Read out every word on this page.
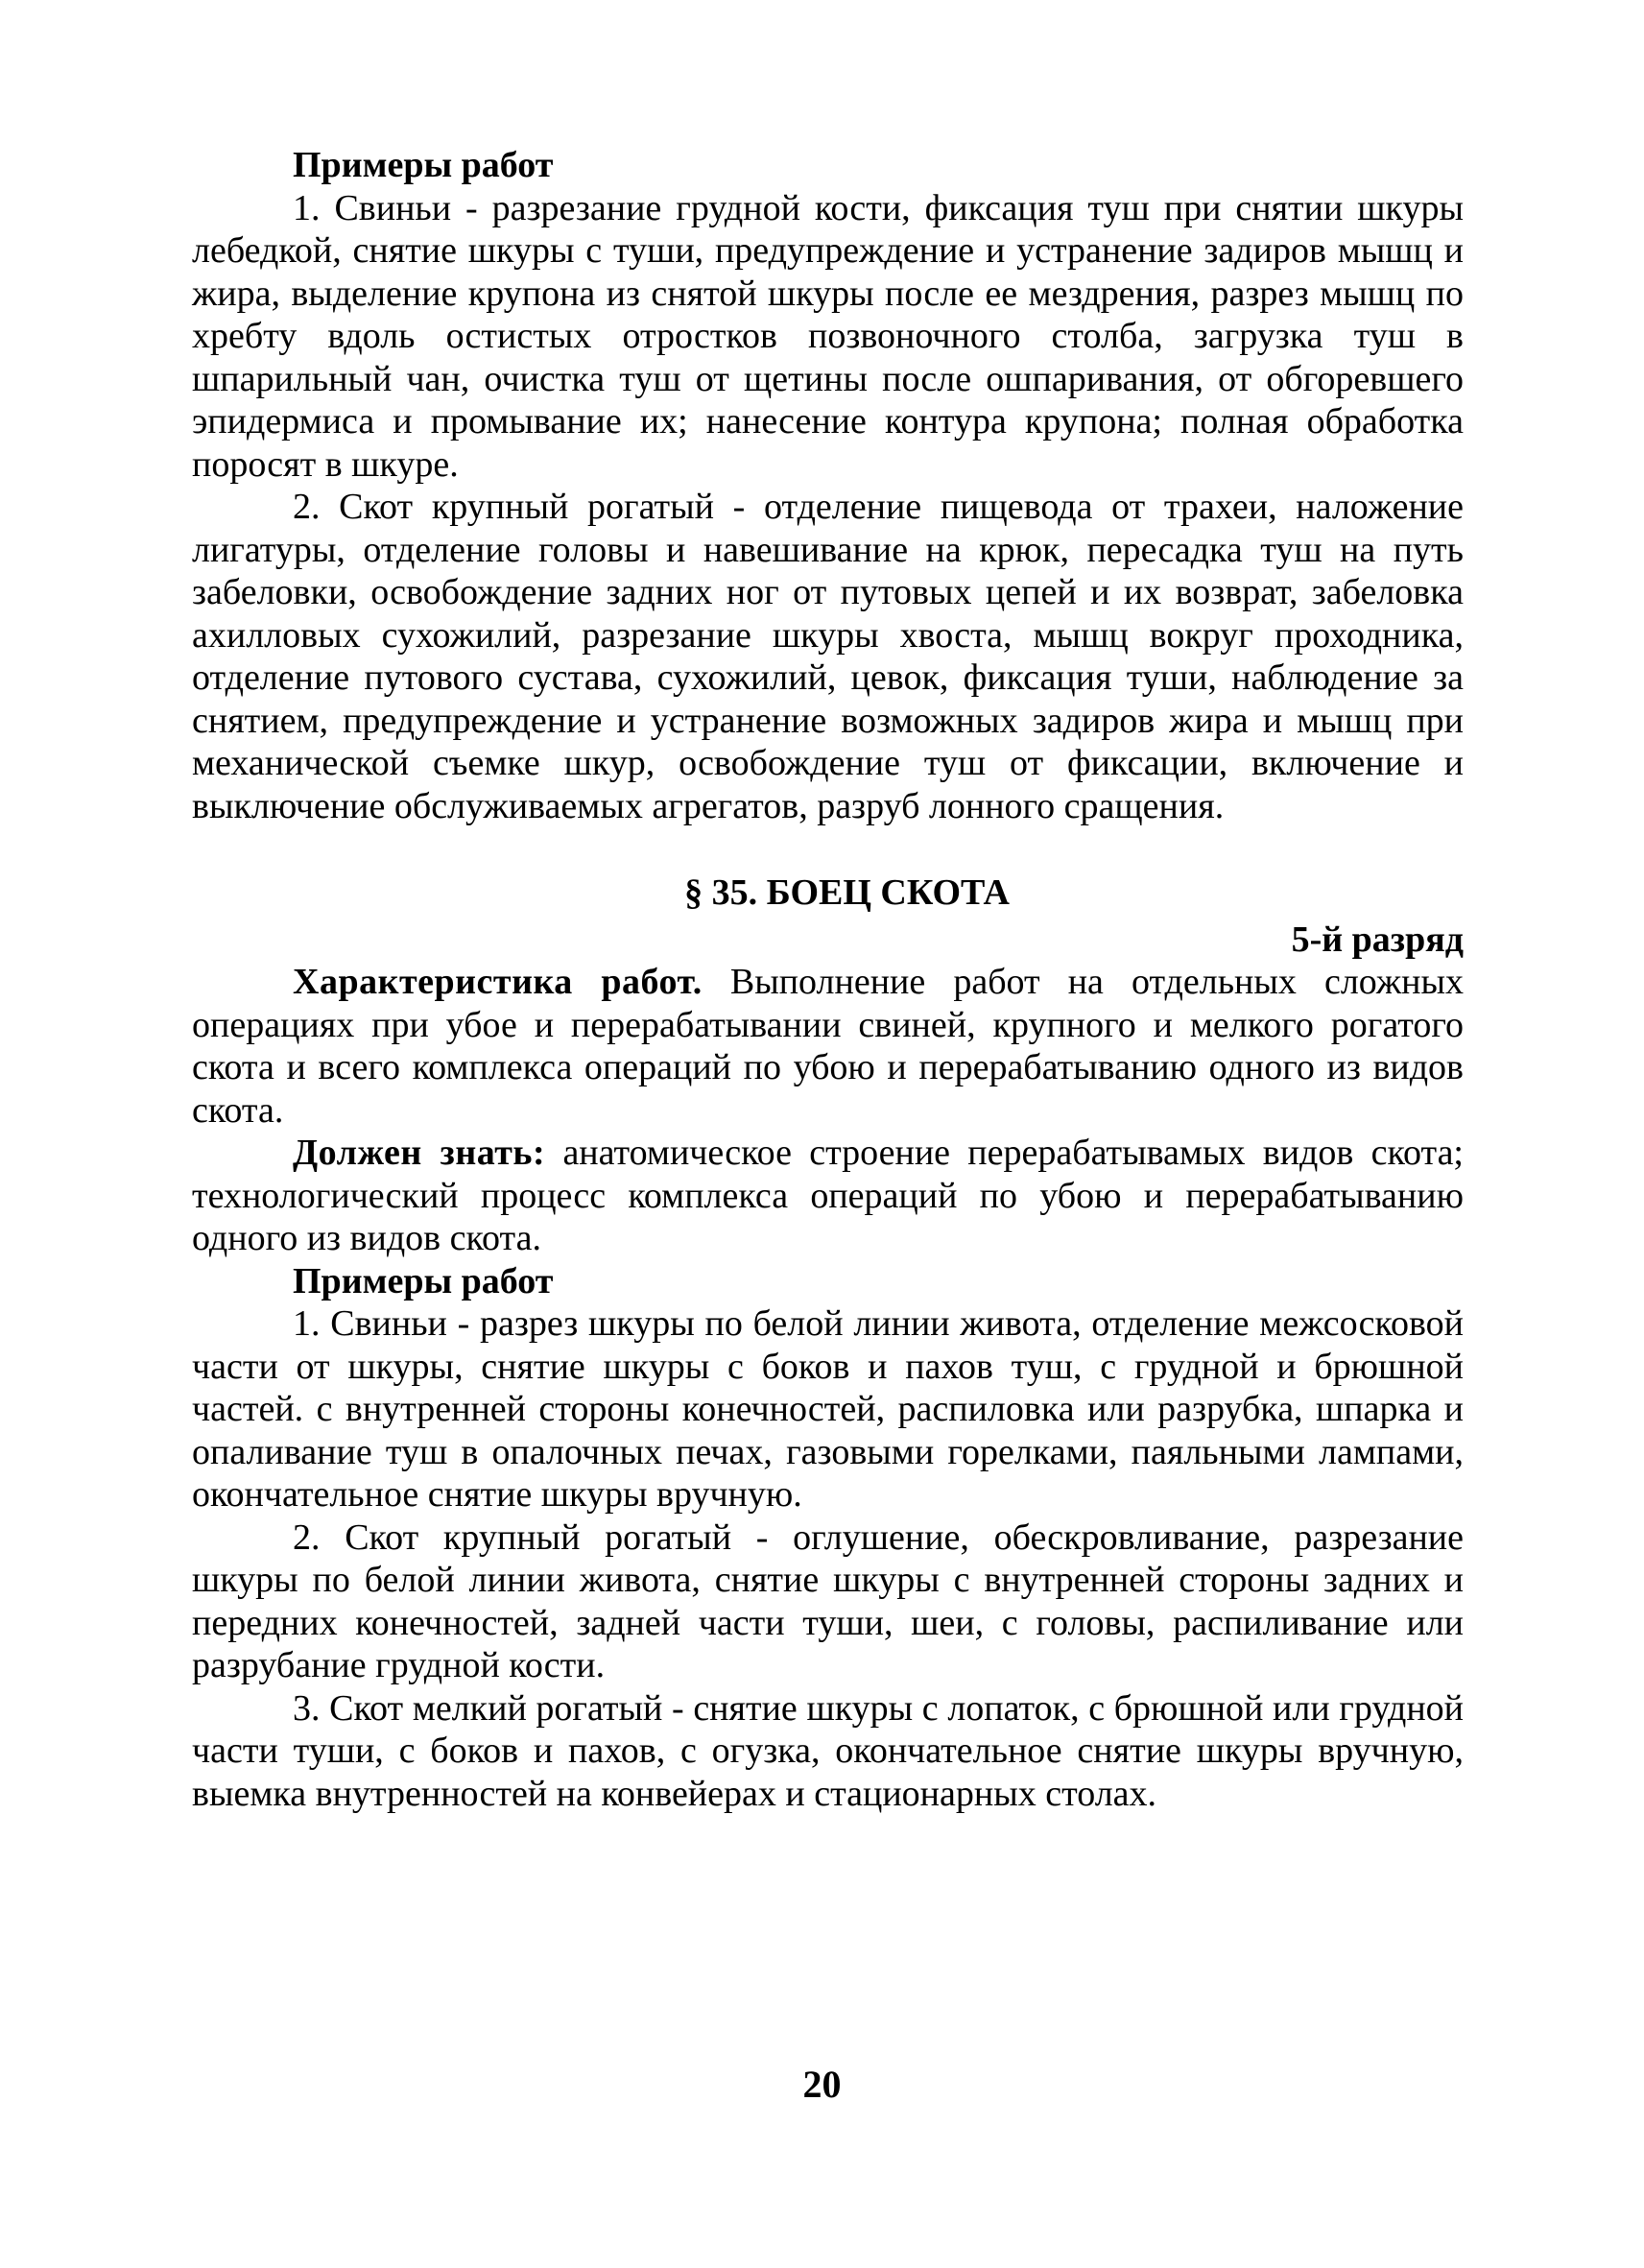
Примеры работ

1. Свиньи - разрезание грудной кости, фиксация туш при снятии шкуры лебедкой, снятие шкуры с туши, предупреждение и устранение задиров мышц и жира, выделение крупона из снятой шкуры после ее мездрения, разрез мышц по хребту вдоль остистых отростков позвоночного столба, загрузка туш в шпарильный чан, очистка туш от щетины после ошпаривания, от обгоревшего эпидермиса и промывание их; нанесение контура крупона; полная обработка поросят в шкуре.

2. Скот крупный рогатый - отделение пищевода от трахеи, наложение лигатуры, отделение головы и навешивание на крюк, пересадка туш на путь забеловки, освобождение задних ног от путовых цепей и их возврат, забеловка ахилловых сухожилий, разрезание шкуры хвоста, мышц вокруг проходника, отделение путового сустава, сухожилий, цевок, фиксация туши, наблюдение за снятием, предупреждение и устранение возможных задиров жира и мышц при механической съемке шкур, освобождение туш от фиксации, включение и выключение обслуживаемых агрегатов, разруб лонного сращения.

§ 35. БОЕЦ СКОТА

5-й разряд

Характеристика работ. Выполнение работ на отдельных сложных операциях при убое и перерабатывании свиней, крупного и мелкого рогатого скота и всего комплекса операций по убою и перерабатыванию одного из видов скота.

Должен знать: анатомическое строение перерабатывамых видов скота; технологический процесс комплекса операций по убою и перерабатыванию одного из видов скота.

Примеры работ

1. Свиньи - разрез шкуры по белой линии живота, отделение межсосковой части от шкуры, снятие шкуры с боков и пахов туш, с грудной и брюшной частей. с внутренней стороны конечностей, распиловка или разрубка, шпарка и опаливание туш в опалочных печах, газовыми горелками, паяльными лампами, окончательное снятие шкуры вручную.

2. Скот крупный рогатый - оглушение, обескровливание, разрезание шкуры по белой линии живота, снятие шкуры с внутренней стороны задних и передних конечностей, задней части туши, шеи, с головы, распиливание или разрубание грудной кости.

3. Скот мелкий рогатый - снятие шкуры с лопаток, с брюшной или грудной части туши, с боков и пахов, с огузка, окончательное снятие шкуры вручную, выемка внутренностей на конвейерах и стационарных столах.

20
